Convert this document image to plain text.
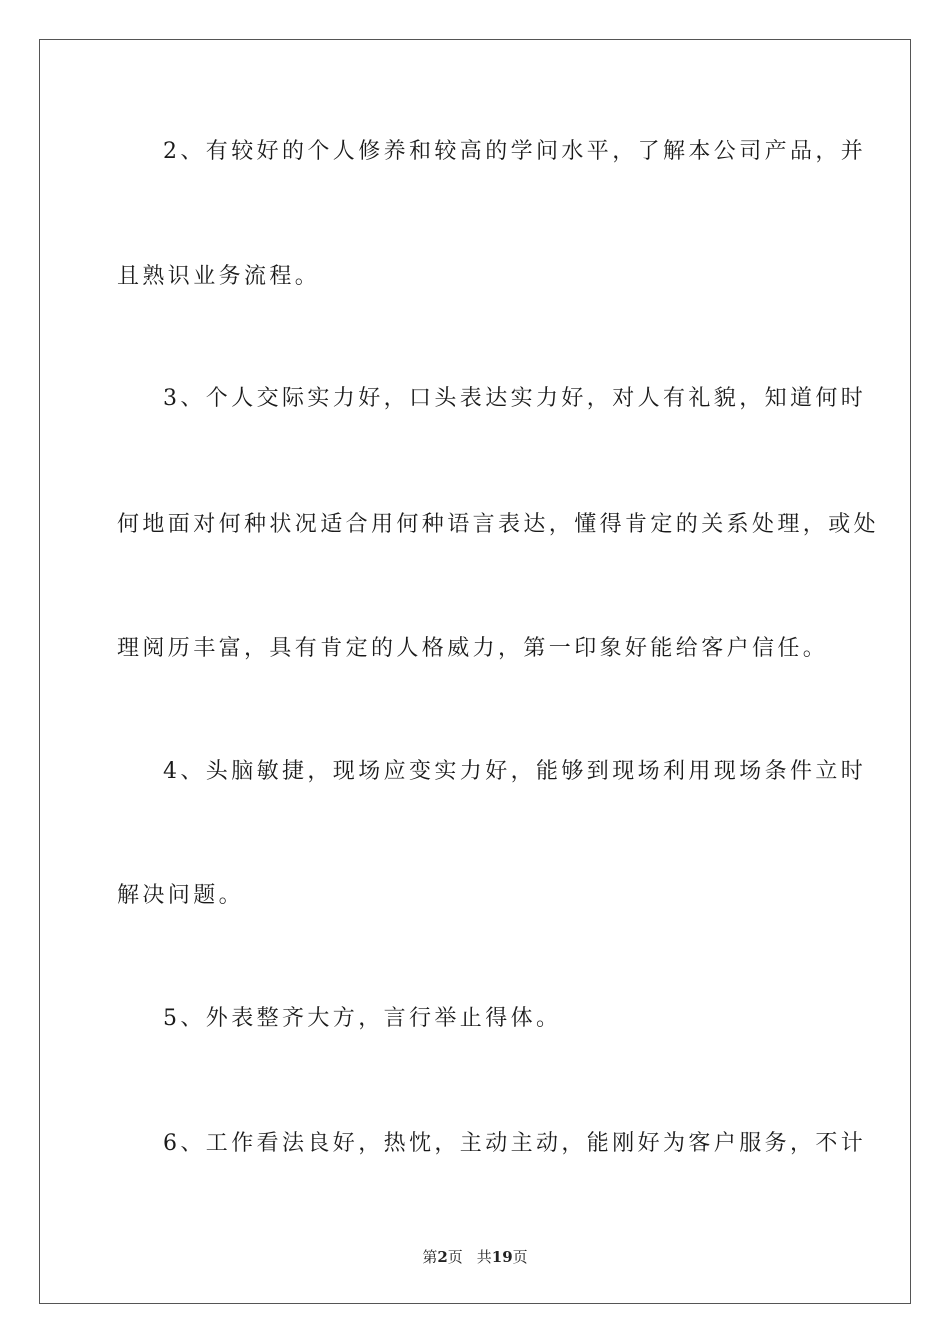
2、有较好的个人修养和较高的学问水平，了解本公司产品，并
且熟识业务流程。
3、个人交际实力好，口头表达实力好，对人有礼貌，知道何时
何地面对何种状况适合用何种语言表达，懂得肯定的关系处理，或处
理阅历丰富，具有肯定的人格威力，第一印象好能给客户信任。
4、头脑敏捷，现场应变实力好，能够到现场利用现场条件立时
解决问题。
5、外表整齐大方，言行举止得体。
6、工作看法良好，热忱，主动主动，能刚好为客户服务，不计
第2页 共19页
